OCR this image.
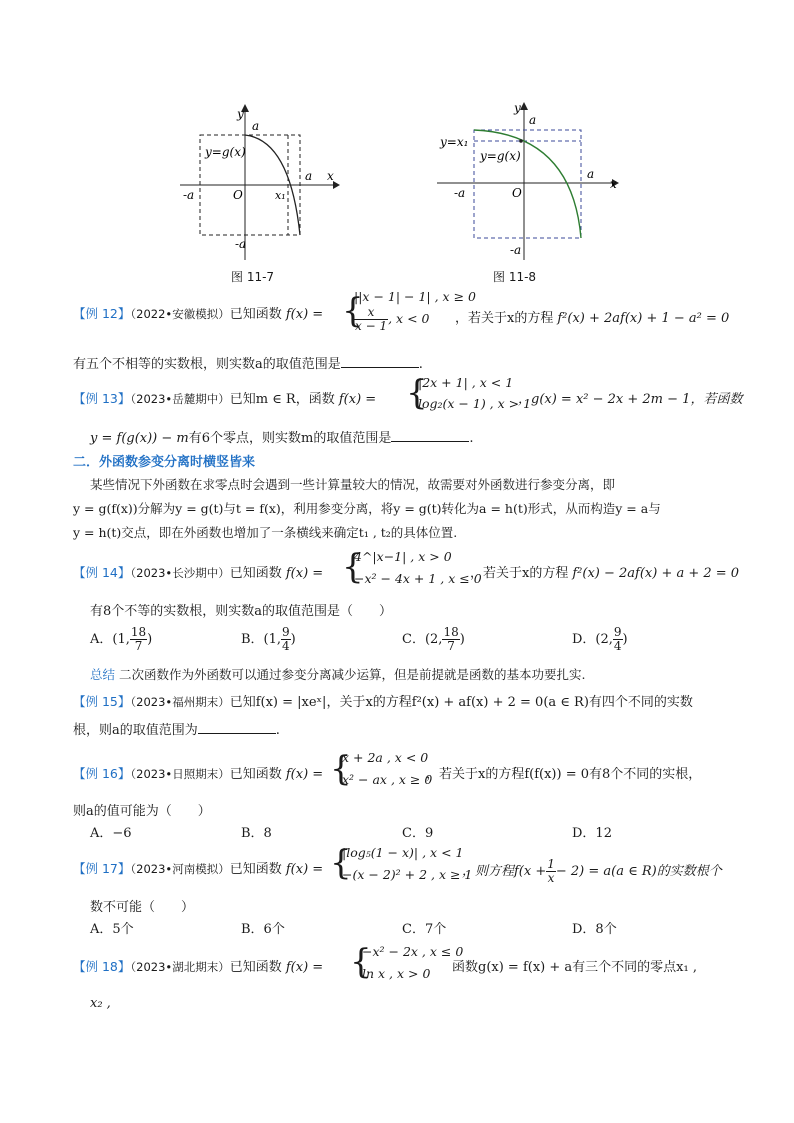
y
x
a
a
-a
-a
O	x₁
y=g(x)
图 11-7
y
x
a
a
-a
-a
O
y=x₁
y=g(x)
图 11-8
【例 12】（2022•安徽模拟）已知函数 f(x) = {
||x − 1| − 1| , x ≥ 0
$\frac{x}{x - 1}$ , x < 0 ，若关于x的方程 f²(x) + 2af(x) + 1 − a² = 0
有五个不相等的实数根，则实数a的取值范围是	.
【例 13】（2023•岳麓期中）已知m ∈ R，函数 f(x) = {
|2x + 1| , x < 1
log₂(x − 1) , x > 1
，g(x) = x² − 2x + 2m − 1，若函数
y = f(g(x)) − m有6个零点，则实数m的取值范围是	.
二．外函数参变分离时横竖皆来
某些情况下外函数在求零点时会遇到一些计算量较大的情况，故需要对外函数进行参变分离，即
y = g(f(x))分解为y = g(t)与t = f(x)，利用参变分离，将y = g(t)转化为a = h(t)形式，从而构造y = a与
y = h(t)交点，即在外函数也增加了一条横线来确定t₁ , t₂的具体位置.
【例 14】（2023•长沙期中）已知函数 f(x) = {
4^|x−1| , x > 0
−x² − 4x + 1 , x ≤ 0
，若关于x的方程 f²(x) − 2af(x) + a + 2 = 0
有8个不等的实数根，则实数a的取值范围是（　　）
A．(1, $\frac{18}{7}$ )	B．(1, $\frac{9}{4}$ )	C．(2, $\frac{18}{7}$ )	D．(2, $\frac{9}{4}$ )
总结 二次函数作为外函数可以通过参变分离减少运算，但是前提就是函数的基本功要扎实.
【例 15】（2023•福州期末）已知f(x) = |xeˣ|，关于x的方程f²(x) + af(x) + 2 = 0(a ∈ R)有四个不同的实数
根，则a的取值范围为	.
【例 16】（2023•日照期末）已知函数 f(x) = {
x + 2a , x < 0
x² − ax , x ≥ 0
，若关于x的方程f(f(x)) = 0有8个不同的实根，
则a的值可能为（　　）
A．−6	B．8	C．9	D．12
【例 17】（2023•河南模拟）已知函数 f(x) = {
|log₅(1 − x)| , x < 1
−(x − 2)² + 2 , x ≥ 1
，则方程$f(x + \frac{1}{x} - 2) = a(a$ ∈ R)的实数根个
数不可能（　　）
A．5个	B．6个	C．7个	D．8个
【例 18】（2023•湖北期末）已知函数 f(x) = {
−x² − 2x , x ≤ 0
ln x , x > 0 函数g(x) = f(x) + a有三个不同的零点x₁ ,
x₂ ,
